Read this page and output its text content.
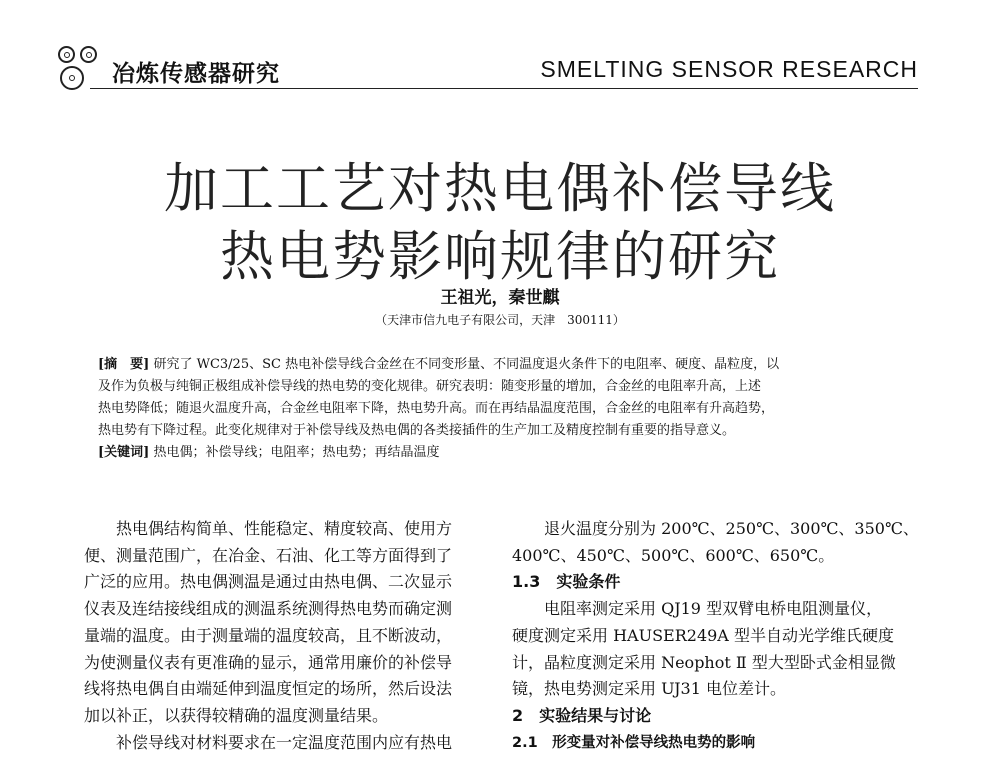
冶炼传感器研究	SMELTING SENSOR RESEARCH
加工工艺对热电偶补偿导线
热电势影响规律的研究
王祖光，秦世麒
（天津市信九电子有限公司，天津　300111）
[摘　要] 研究了 WC3/25、SC 热电补偿导线合金丝在不同变形量、不同温度退火条件下的电阻率、硬度、晶粒度，以
及作为负极与纯铜正极组成补偿导线的热电势的变化规律。研究表明：随变形量的增加，合金丝的电阻率升高，上述
热电势降低；随退火温度升高，合金丝电阻率下降，热电势升高。而在再结晶温度范围，合金丝的电阻率有升高趋势，
热电势有下降过程。此变化规律对于补偿导线及热电偶的各类接插件的生产加工及精度控制有重要的指导意义。
[关键词] 热电偶；补偿导线；电阻率；热电势；再结晶温度
　　热电偶结构简单、性能稳定、精度较高、使用方
便、测量范围广，在冶金、石油、化工等方面得到了
广泛的应用。热电偶测温是通过由热电偶、二次显示
仪表及连结接线组成的测温系统测得热电势而确定测
量端的温度。由于测量端的温度较高，且不断波动，
为使测量仪表有更准确的显示，通常用廉价的补偿导
线将热电偶自由端延伸到温度恒定的场所，然后设法
加以补正，以获得较精确的温度测量结果。
　　补偿导线对材料要求在一定温度范围内应有热电
　　退火温度分别为 200℃、250℃、300℃、350℃、
400℃、450℃、500℃、600℃、650℃。
1.3　实验条件
　　电阻率测定采用 QJ19 型双臂电桥电阻测量仪，
硬度测定采用 HAUSER249A 型半自动光学维氏硬度
计，晶粒度测定采用 Neophot Ⅱ 型大型卧式金相显微
镜，热电势测定采用 UJ31 电位差计。
2　实验结果与讨论
2.1　形变量对补偿导线热电势的影响
